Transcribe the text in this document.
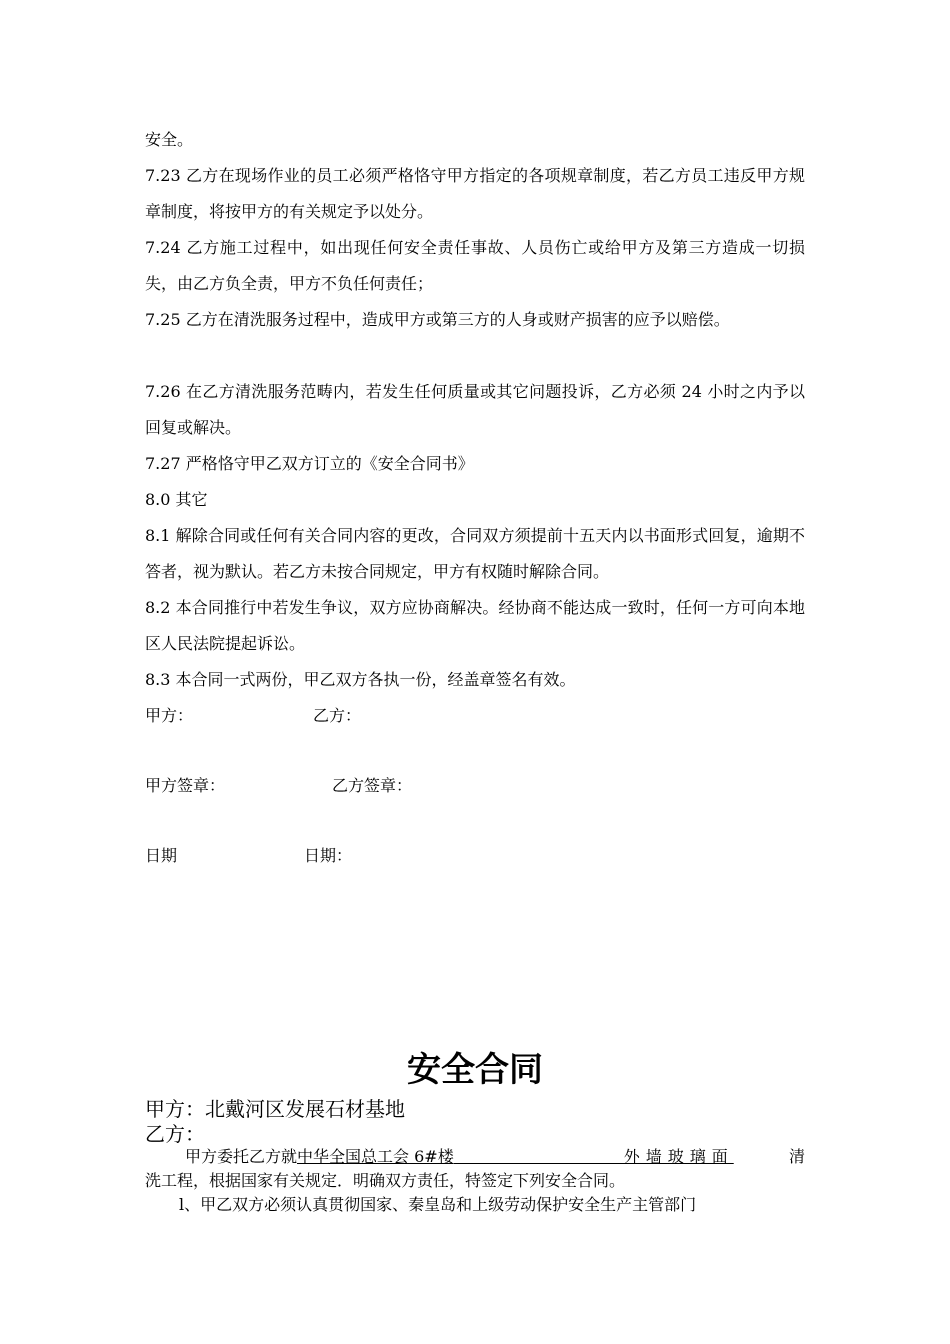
安全。

7.23 乙方在现场作业的员工必须严格恪守甲方指定的各项规章制度，若乙方员工违反甲方规章制度，将按甲方的有关规定予以处分。

7.24 乙方施工过程中，如出现任何安全责任事故、人员伤亡或给甲方及第三方造成一切损失，由乙方负全责，甲方不负任何责任；

7.25 乙方在清洗服务过程中，造成甲方或第三方的人身或财产损害的应予以赔偿。

7.26 在乙方清洗服务范畴内，若发生任何质量或其它问题投诉，乙方必须 24 小时之内予以回复或解决。

7.27 严格恪守甲乙双方订立的《安全合同书》

8.0 其它

8.1 解除合同或任何有关合同内容的更改，合同双方须提前十五天内以书面形式回复，逾期不答者，视为默认。若乙方未按合同规定，甲方有权随时解除合同。

8.2 本合同推行中若发生争议，双方应协商解决。经协商不能达成一致时，任何一方可向本地区人民法院提起诉讼。

8.3 本合同一式两份，甲乙双方各执一份，经盖章签名有效。

甲方：	乙方：
甲方签章：	乙方签章：
日期	日期：
安全合同

甲方：北戴河区发展石材基地

乙方：

甲方委托乙方就 中华全国总工会 6#楼	外墙玻璃面	清
洗工程，根据国家有关规定．明确双方责任，特签定下列安全合同。
l、甲乙双方必须认真贯彻国家、秦皇岛和上级劳动保护安全生产主管部门
